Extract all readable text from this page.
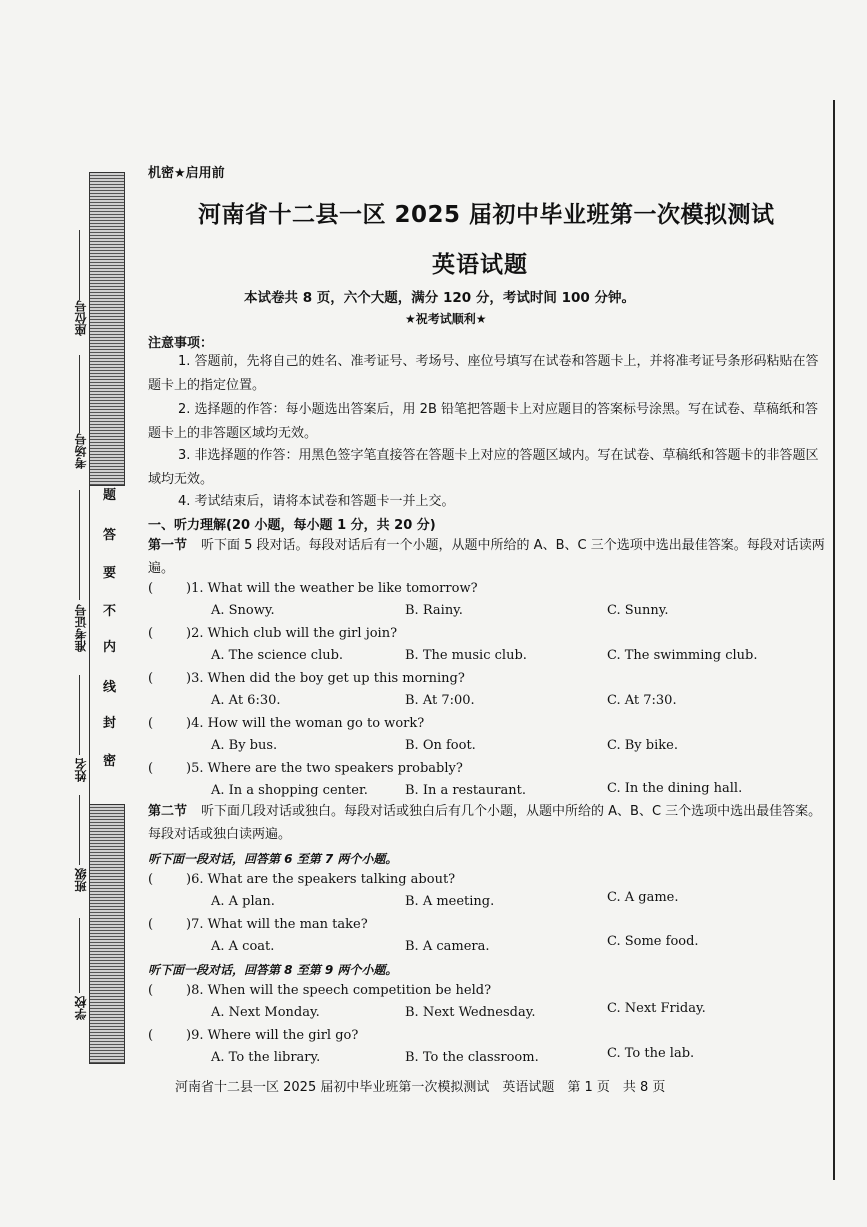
题
答
要
不
内
线
封
密
座位号
考场号
准考证号
姓名
班级
学校
机密★启用前
河南省十二县一区 2025 届初中毕业班第一次模拟测试
英语试题
本试卷共 8 页，六个大题，满分 120 分，考试时间 100 分钟。
★祝考试顺利★
注意事项：
1. 答题前，先将自己的姓名、准考证号、考场号、座位号填写在试卷和答题卡上，并将准考证号条形码粘贴在答题卡上的指定位置。
2. 选择题的作答：每小题选出答案后，用 2B 铅笔把答题卡上对应题目的答案标号涂黑。写在试卷、草稿纸和答题卡上的非答题区域均无效。
3. 非选择题的作答：用黑色签字笔直接答在答题卡上对应的答题区域内。写在试卷、草稿纸和答题卡的非答题区域均无效。
4. 考试结束后，请将本试卷和答题卡一并上交。
一、听力理解(20 小题，每小题 1 分，共 20 分)
第一节 听下面 5 段对话。每段对话后有一个小题，从题中所给的 A、B、C 三个选项中选出最佳答案。每段对话读两遍。
(	)1. What will the weather be like tomorrow?
A. Snowy.	B. Rainy.	C. Sunny.
(	)2. Which club will the girl join?
A. The science club.	B. The music club.	C. The swimming club.
(	)3. When did the boy get up this morning?
A. At 6:30.	B. At 7:00.	C. At 7:30.
(	)4. How will the woman go to work?
A. By bus.	B. On foot.	C. By bike.
(	)5. Where are the two speakers probably?
A. In a shopping center.	B. In a restaurant.	C. In the dining hall.
第二节 听下面几段对话或独白。每段对话或独白后有几个小题，从题中所给的 A、B、C 三个选项中选出最佳答案。每段对话或独白读两遍。
听下面一段对话，回答第 6 至第 7 两个小题。
(	)6. What are the speakers talking about?
A. A plan.	B. A meeting.	C. A game.
(	)7. What will the man take?
A. A coat.	B. A camera.	C. Some food.
听下面一段对话，回答第 8 至第 9 两个小题。
(	)8. When will the speech competition be held?
A. Next Monday.	B. Next Wednesday.	C. Next Friday.
(	)9. Where will the girl go?
A. To the library.	B. To the classroom.	C. To the lab.
河南省十二县一区 2025 届初中毕业班第一次模拟测试　英语试题　第 1 页　共 8 页
